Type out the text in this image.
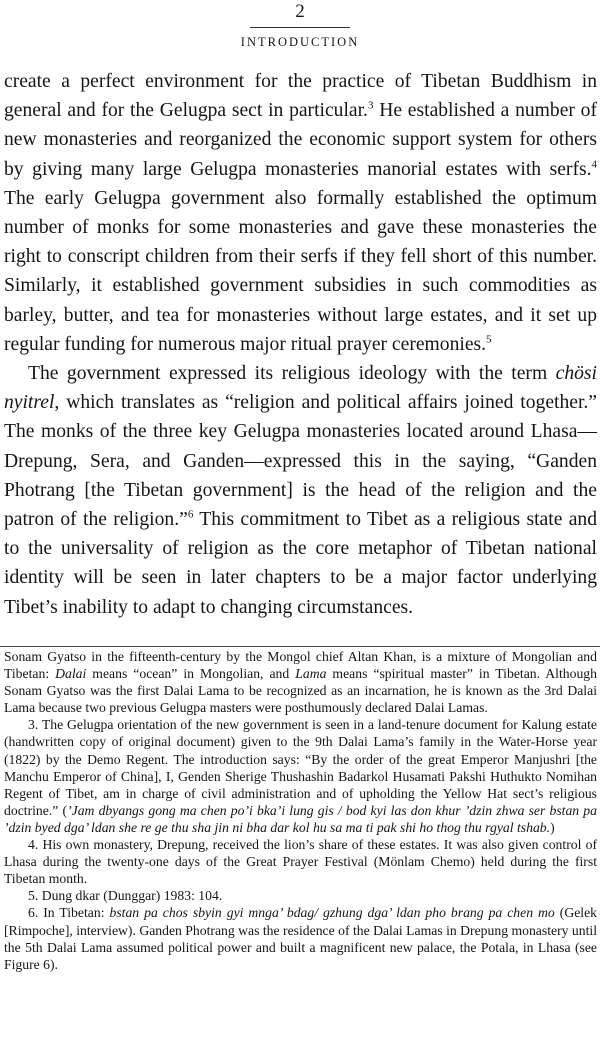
2
INTRODUCTION

create a perfect environment for the practice of Tibetan Buddhism in general and for the Gelugpa sect in particular.$^3$ He established a number of new monasteries and reorganized the economic support system for others by giving many large Gelugpa monasteries manorial estates with serfs.$^4$ The early Gelugpa government also formally established the optimum number of monks for some monasteries and gave these monasteries the right to conscript children from their serfs if they fell short of this number. Similarly, it established government subsidies in such commodities as barley, butter, and tea for monasteries without large estates, and it set up regular funding for numerous major ritual prayer ceremonies.$^5$

The government expressed its religious ideology with the term chösi nyitrel, which translates as “religion and political affairs joined together.” The monks of the three key Gelugpa monasteries located around Lhasa—Drepung, Sera, and Ganden—expressed this in the saying, “Ganden Photrang [the Tibetan government] is the head of the religion and the patron of the religion.”$^6$ This commitment to Tibet as a religious state and to the universality of religion as the core metaphor of Tibetan national identity will be seen in later chapters to be a major factor underlying Tibet’s inability to adapt to changing circumstances.

Sonam Gyatso in the fifteenth-century by the Mongol chief Altan Khan, is a mixture of Mongolian and Tibetan: Dalai means “ocean” in Mongolian, and Lama means “spiritual master” in Tibetan. Although Sonam Gyatso was the first Dalai Lama to be recognized as an incarnation, he is known as the 3rd Dalai Lama because two previous Gelugpa masters were posthumously declared Dalai Lamas.

3. The Gelugpa orientation of the new government is seen in a land-tenure document for Kalung estate (handwritten copy of original document) given to the 9th Dalai Lama’s family in the Water-Horse year (1822) by the Demo Regent. The introduction says: “By the order of the great Emperor Manjushri [the Manchu Emperor of China], I, Genden Sherige Thushashin Badarkol Husamati Pakshi Huthukto Nomihan Regent of Tibet, am in charge of civil administration and of upholding the Yellow Hat sect’s religious doctrine.” (’Jam dbyangs gong ma chen po’i bka’i lung gis / bod kyi las don khur ’dzin zhwa ser bstan pa ’dzin byed dga’ ldan she re ge thu sha jin ni bha dar kol hu sa ma ti pak shi ho thog thu rgyal tshab.)

4. His own monastery, Drepung, received the lion’s share of these estates. It was also given control of Lhasa during the twenty-one days of the Great Prayer Festival (Mönlam Chemo) held during the first Tibetan month.

5. Dung dkar (Dunggar) 1983: 104.

6. In Tibetan: bstan pa chos sbyin gyi mnga’ bdag/ gzhung dga’ ldan pho brang pa chen mo (Gelek [Rimpoche], interview). Ganden Photrang was the residence of the Dalai Lamas in Drepung monastery until the 5th Dalai Lama assumed political power and built a magnificent new palace, the Potala, in Lhasa (see Figure 6).
